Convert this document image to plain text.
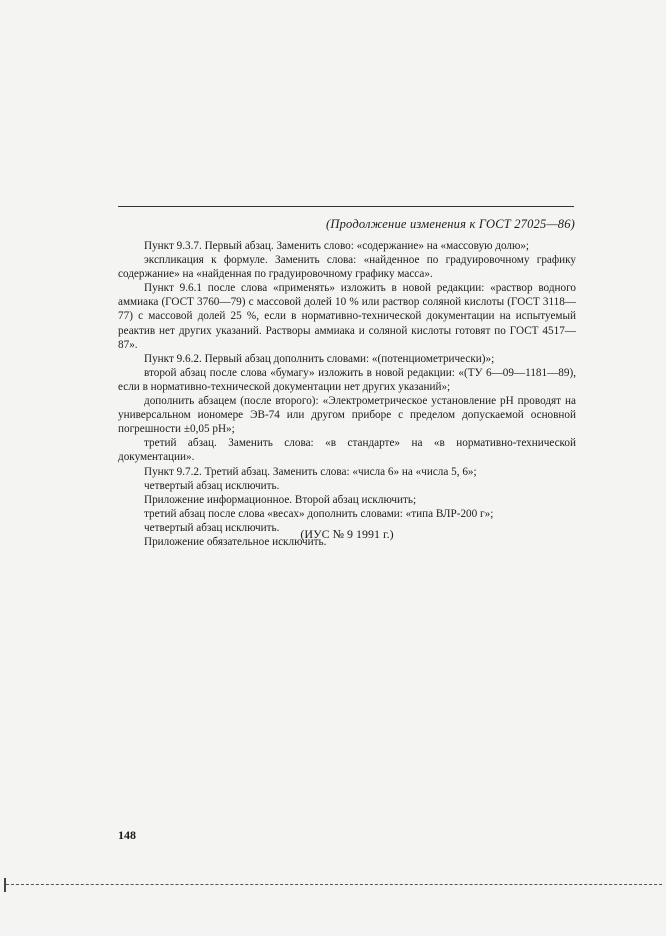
(Продолжение изменения к ГОСТ 27025—86)

Пункт 9.3.7. Первый абзац. Заменить слово: «содержание» на «массовую долю»;

экспликация к формуле. Заменить слова: «найденное по градуировочному графику содержание» на «найденная по градуировочному графику масса».

Пункт 9.6.1 после слова «применять» изложить в новой редакции: «раствор водного аммиака (ГОСТ 3760—79) с массовой долей 10 % или раствор соляной кислоты (ГОСТ 3118—77) с массовой долей 25 %, если в нормативно-технической документации на испытуемый реактив нет других указаний. Растворы аммиака и соляной кислоты готовят по ГОСТ 4517—87».

Пункт 9.6.2. Первый абзац дополнить словами: «(потенциометрически)»;

второй абзац после слова «бумагу» изложить в новой редакции: «(ТУ 6—09—1181—89), если в нормативно-технической документации нет других указаний»;

дополнить абзацем (после второго): «Электрометрическое установление pH проводят на универсальном иономере ЭВ-74 или другом приборе с пределом допускаемой основной погрешности ±0,05 pH»;

третий абзац. Заменить слова: «в стандарте» на «в нормативно-технической документации».

Пункт 9.7.2. Третий абзац. Заменить слова: «числа 6» на «числа 5, 6»;

четвертый абзац исключить.

Приложение информационное. Второй абзац исключить;

третий абзац после слова «весах» дополнить словами: «типа ВЛР-200 г»;

четвертый абзац исключить.

Приложение обязательное исключить.

(ИУС № 9 1991 г.)
148
